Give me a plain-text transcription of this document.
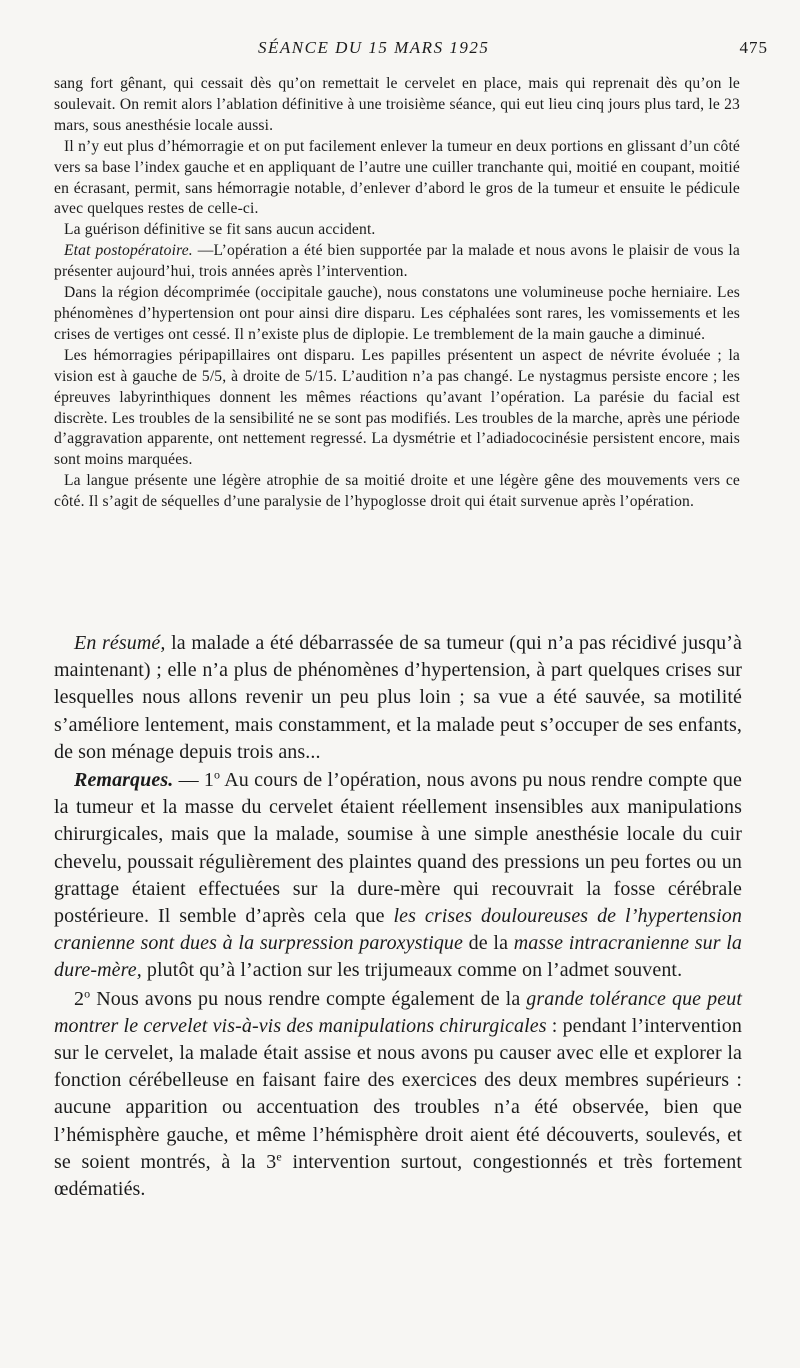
SÉANCE DU 15 MARS 1925	475

sang fort gênant, qui cessait dès qu’on remettait le cervelet en place, mais qui reprenait dès qu’on le soulevait. On remit alors l’ablation définitive à une troisième séance, qui eut lieu cinq jours plus tard, le 23 mars, sous anesthésie locale aussi.

Il n’y eut plus d’hémorragie et on put facilement enlever la tumeur en deux portions en glissant d’un côté vers sa base l’index gauche et en appliquant de l’autre une cuiller tranchante qui, moitié en coupant, moitié en écrasant, permit, sans hémorragie notable, d’enlever d’abord le gros de la tumeur et ensuite le pédicule avec quelques restes de celle-ci.

La guérison définitive se fit sans aucun accident.

Etat postopératoire. —L’opération a été bien supportée par la malade et nous avons le plaisir de vous la présenter aujourd’hui, trois années après l’intervention.

Dans la région décomprimée (occipitale gauche), nous constatons une volumineuse poche herniaire. Les phénomènes d’hypertension ont pour ainsi dire disparu. Les céphalées sont rares, les vomissements et les crises de vertiges ont cessé. Il n’existe plus de diplopie. Le tremblement de la main gauche a diminué.

Les hémorragies péripapillaires ont disparu. Les papilles présentent un aspect de névrite évoluée ; la vision est à gauche de 5/5, à droite de 5/15. L’audition n’a pas changé. Le nystagmus persiste encore ; les épreuves labyrinthiques donnent les mêmes réactions qu’avant l’opération. La parésie du facial est discrète. Les troubles de la sensibilité ne se sont pas modifiés. Les troubles de la marche, après une période d’aggravation apparente, ont nettement regressé. La dysmétrie et l’adiadococinésie persistent encore, mais sont moins marquées.

La langue présente une légère atrophie de sa moitié droite et une légère gêne des mouvements vers ce côté. Il s’agit de séquelles d’une paralysie de l’hypoglosse droit qui était survenue après l’opération.

En résumé, la malade a été débarrassée de sa tumeur (qui n’a pas récidivé jusqu’à maintenant) ; elle n’a plus de phénomènes d’hypertension, à part quelques crises sur lesquelles nous allons revenir un peu plus loin ; sa vue a été sauvée, sa motilité s’améliore lentement, mais constamment, et la malade peut s’occuper de ses enfants, de son ménage depuis trois ans...

Remarques. — 1$^o$ Au cours de l’opération, nous avons pu nous rendre compte que la tumeur et la masse du cervelet étaient réellement insensibles aux manipulations chirurgicales, mais que la malade, soumise à une simple anesthésie locale du cuir chevelu, poussait régulièrement des plaintes quand des pressions un peu fortes ou un grattage étaient effectuées sur la dure-mère qui recouvrait la fosse cérébrale postérieure. Il semble d’après cela que les crises douloureuses de l’hypertension cranienne sont dues à la surpression paroxystique de la masse intracranienne sur la dure-mère, plutôt qu’à l’action sur les trijumeaux comme on l’admet souvent.

2$^o$ Nous avons pu nous rendre compte également de la grande tolérance que peut montrer le cervelet vis-à-vis des manipulations chirurgicales : pendant l’intervention sur le cervelet, la malade était assise et nous avons pu causer avec elle et explorer la fonction cérébelleuse en faisant faire des exercices des deux membres supérieurs : aucune apparition ou accentuation des troubles n’a été observée, bien que l’hémisphère gauche, et même l’hémisphère droit aient été découverts, soulevés, et se soient montrés, à la 3e intervention surtout, congestionnés et très fortement œdématiés.
